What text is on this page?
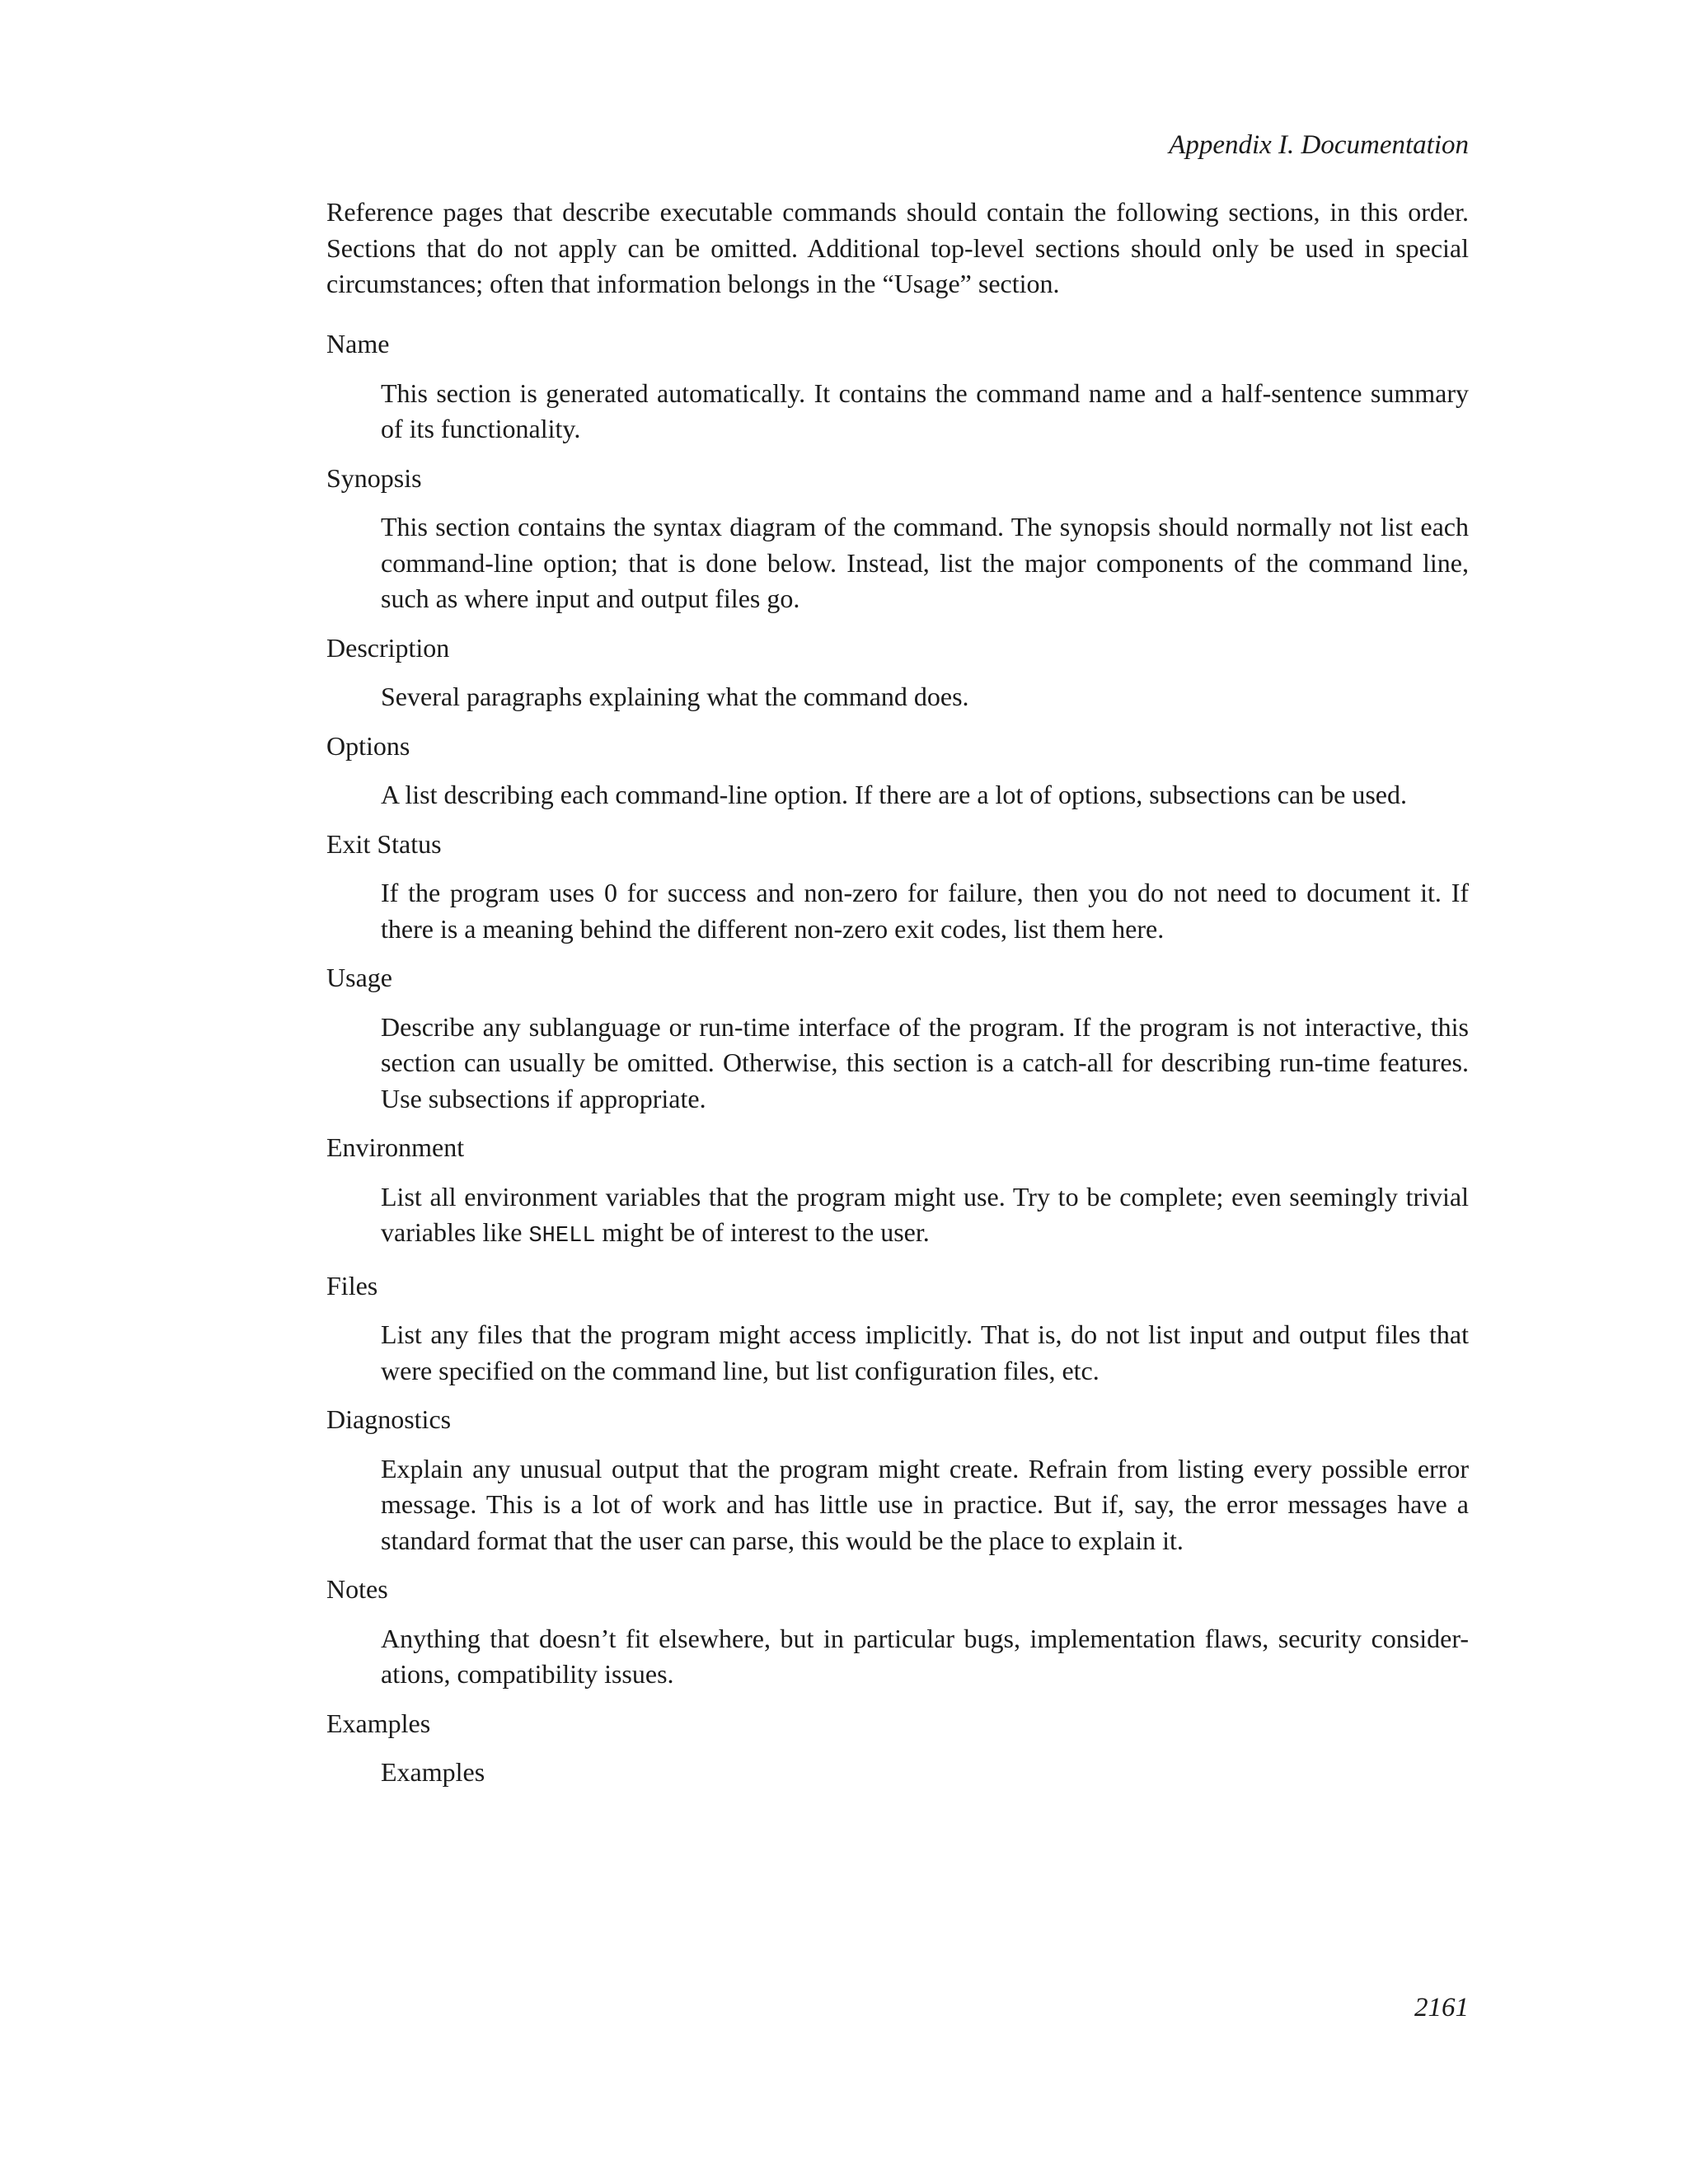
Appendix I. Documentation

Reference pages that describe executable commands should contain the following sections, in this order. Sections that do not apply can be omitted. Additional top-level sections should only be used in special circumstances; often that information belongs in the “Usage” section.

Name
This section is generated automatically. It contains the command name and a half-sentence summary of its functionality.
Synopsis
This section contains the syntax diagram of the command. The synopsis should normally not list each command-line option; that is done below. Instead, list the major components of the command line, such as where input and output files go.
Description
Several paragraphs explaining what the command does.
Options
A list describing each command-line option. If there are a lot of options, subsections can be used.
Exit Status
If the program uses 0 for success and non-zero for failure, then you do not need to document it. If there is a meaning behind the different non-zero exit codes, list them here.
Usage
Describe any sublanguage or run-time interface of the program. If the program is not interactive, this section can usually be omitted. Otherwise, this section is a catch-all for describing run-time features. Use subsections if appropriate.
Environment
List all environment variables that the program might use. Try to be complete; even seemingly trivial variables like SHELL might be of interest to the user.
Files
List any files that the program might access implicitly. That is, do not list input and output files that were specified on the command line, but list configuration files, etc.
Diagnostics
Explain any unusual output that the program might create. Refrain from listing every possible error message. This is a lot of work and has little use in practice. But if, say, the error messages have a standard format that the user can parse, this would be the place to explain it.
Notes
Anything that doesn’t fit elsewhere, but in particular bugs, implementation flaws, security consider-ations, compatibility issues.
Examples
Examples
2161
